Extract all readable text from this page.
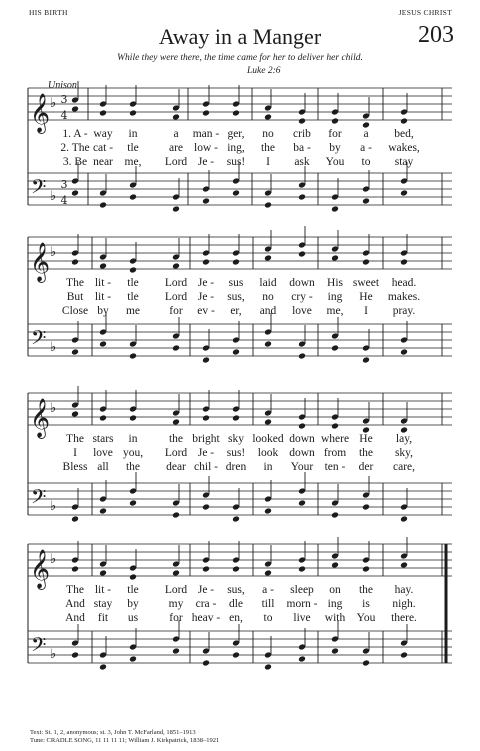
HIS BIRTH	JESUS CHRIST
Away in a Manger	203
While they were there, the time came for her to deliver her child.
Luke 2:6
Unison
𝄞
𝄢
♭
♭
3
4
3
4
𝄞
𝄢
♭
♭
𝄞
𝄢
♭
♭
𝄞
𝄢
♭
♭
1. A - way in	a man - ger, no crib for a bed,
2. The cat - tle	are low - ing, the ba - by a - wakes,
3. Be near me, Lord Je - sus! I ask You to stay
The lit - tle Lord Je - sus laid down His sweet head.
But lit - tle Lord Je - sus, no cry - ing He makes.
Close by me	for ev - er, and love me, I pray.
The stars in	the bright sky looked down where He lay,
I love you, Lord Je - sus! look down from the sky,
Bless all the dear chil - dren in Your ten - der care,
The lit - tle Lord Je - sus, a - sleep on the hay.
And stay by	my cra - dle till morn - ing is nigh.
And fit us	for heav - en, to live with You there.
Text: St. 1, 2, anonymous; st. 3, John T. McFarland, 1851–1913
Tune: CRADLE SONG, 11 11 11 11; William J. Kirkpatrick, 1838–1921
